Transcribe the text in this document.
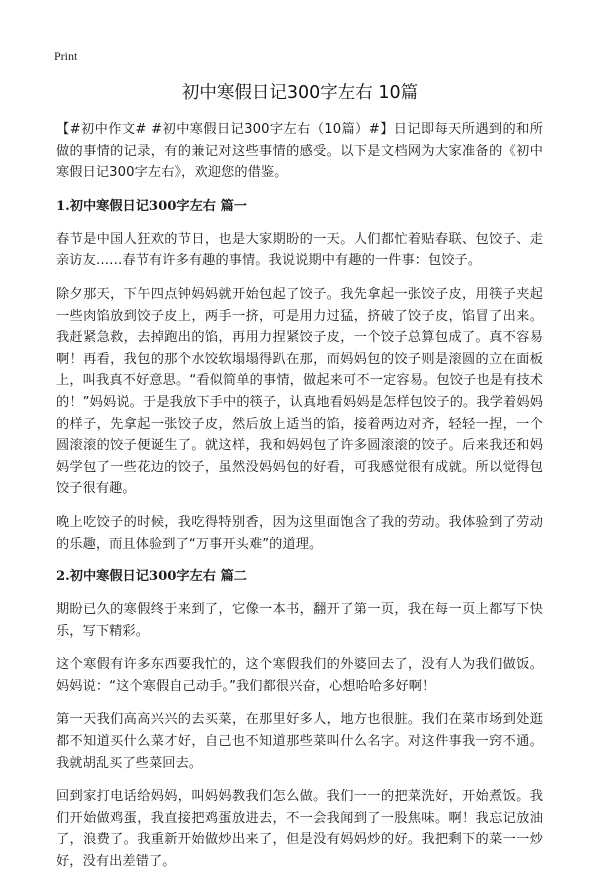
Print
初中寒假日记300字左右 10篇

【#初中作文# #初中寒假日记300字左右（10篇）#】日记即每天所遇到的和所做的事情的记录，有的兼记对这些事情的感受。以下是文档网为大家准备的《初中寒假日记300字左右》，欢迎您的借鉴。

1.初中寒假日记300字左右 篇一

春节是中国人狂欢的节日，也是大家期盼的一天。人们都忙着贴春联、包饺子、走亲访友……春节有许多有趣的事情。我说说期中有趣的一件事：包饺子。

除夕那天，下午四点钟妈妈就开始包起了饺子。我先拿起一张饺子皮，用筷子夹起一些肉馅放到饺子皮上，两手一挤，可是用力过猛，挤破了饺子皮，馅冒了出来。我赶紧急救，去掉跑出的馅，再用力捏紧饺子皮，一个饺子总算包成了。真不容易啊！再看，我包的那个水饺软塌塌得趴在那，而妈妈包的饺子则是滚圆的立在面板上，叫我真不好意思。“看似简单的事情，做起来可不一定容易。包饺子也是有技术的！”妈妈说。于是我放下手中的筷子，认真地看妈妈是怎样包饺子的。我学着妈妈的样子，先拿起一张饺子皮，然后放上适当的馅，接着两边对齐，轻轻一捏，一个圆滚滚的饺子便诞生了。就这样，我和妈妈包了许多圆滚滚的饺子。后来我还和妈妈学包了一些花边的饺子，虽然没妈妈包的好看，可我感觉很有成就。所以觉得包饺子很有趣。

晚上吃饺子的时候，我吃得特别香，因为这里面饱含了我的劳动。我体验到了劳动的乐趣，而且体验到了“万事开头难”的道理。

2.初中寒假日记300字左右 篇二

期盼已久的寒假终于来到了，它像一本书，翻开了第一页，我在每一页上都写下快乐，写下精彩。

这个寒假有许多东西要我忙的，这个寒假我们的外婆回去了，没有人为我们做饭。妈妈说：“这个寒假自己动手。”我们都很兴奋，心想哈哈多好啊！

第一天我们高高兴兴的去买菜，在那里好多人，地方也很脏。我们在菜市场到处逛都不知道买什么菜才好，自己也不知道那些菜叫什么名字。对这件事我一窍不通。我就胡乱买了些菜回去。

回到家打电话给妈妈，叫妈妈教我们怎么做。我们一一的把菜洗好，开始煮饭。我们开始做鸡蛋，我直接把鸡蛋放进去，不一会我闻到了一股焦味。啊！我忘记放油了，浪费了。我重新开始做炒出来了，但是没有妈妈炒的好。我把剩下的菜一一炒好，没有出差错了。
